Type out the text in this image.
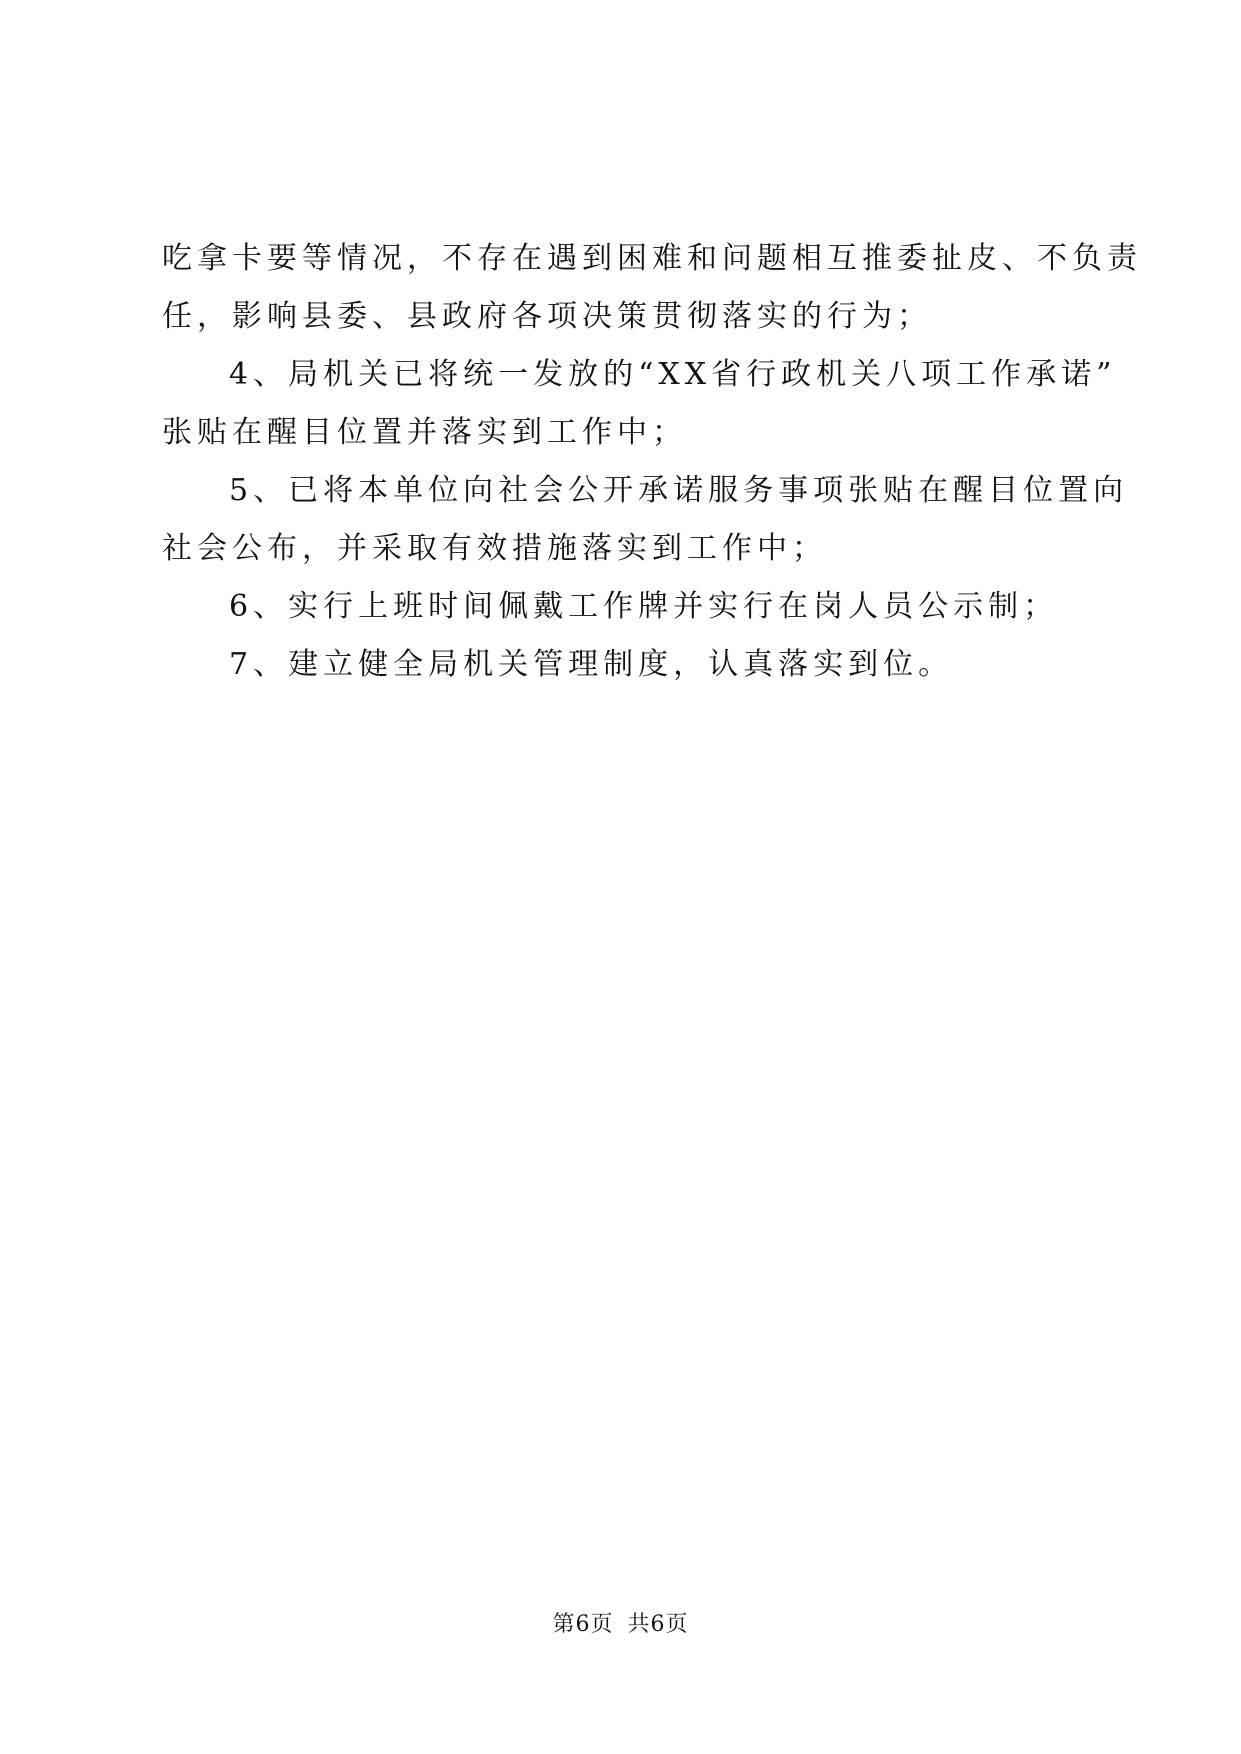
吃拿卡要等情况，不存在遇到困难和问题相互推委扯皮、不负责
任，影响县委、县政府各项决策贯彻落实的行为；
4、局机关已将统一发放的“XX省行政机关八项工作承诺”
张贴在醒目位置并落实到工作中；
5、已将本单位向社会公开承诺服务事项张贴在醒目位置向
社会公布，并采取有效措施落实到工作中；
6、实行上班时间佩戴工作牌并实行在岗人员公示制；
7、建立健全局机关管理制度，认真落实到位。
第6页 共6页
